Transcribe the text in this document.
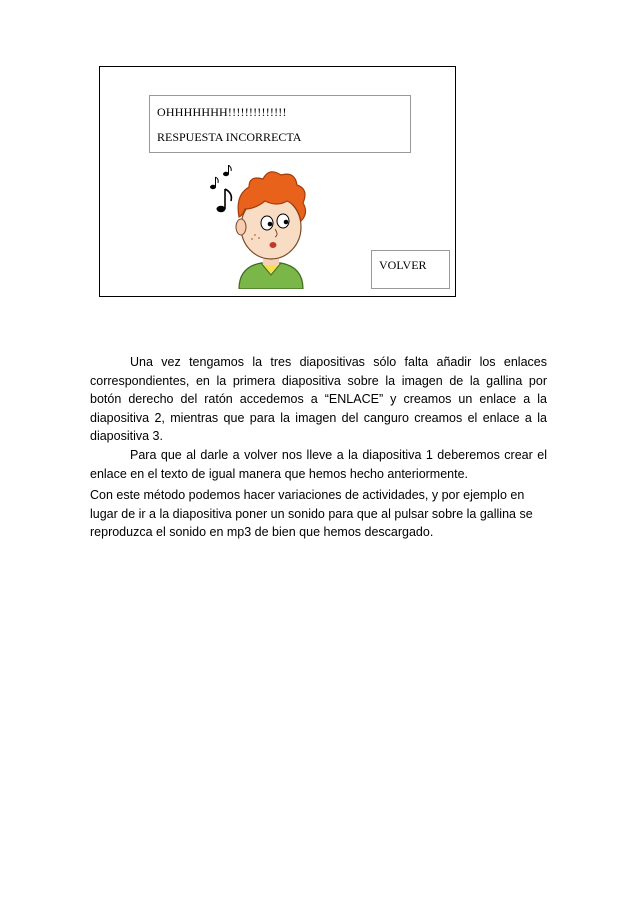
OHHHHHHH!!!!!!!!!!!!!!
RESPUESTA INCORRECTA
VOLVER

Una vez tengamos la tres diapositivas sólo falta añadir los enlaces correspondientes, en la primera diapositiva sobre la imagen de la gallina por botón derecho del ratón accedemos a “ENLACE” y creamos un enlace a la diapositiva 2, mientras que para la imagen del canguro creamos el enlace a la diapositiva 3.

Para que al darle a volver nos lleve a la diapositiva 1 deberemos crear el enlace en el texto de igual manera que hemos hecho anteriormente.

Con este método podemos hacer variaciones de actividades, y por ejemplo en lugar de ir a la diapositiva poner un sonido para que al pulsar sobre la gallina se reproduzca el sonido en mp3 de bien que hemos descargado.
